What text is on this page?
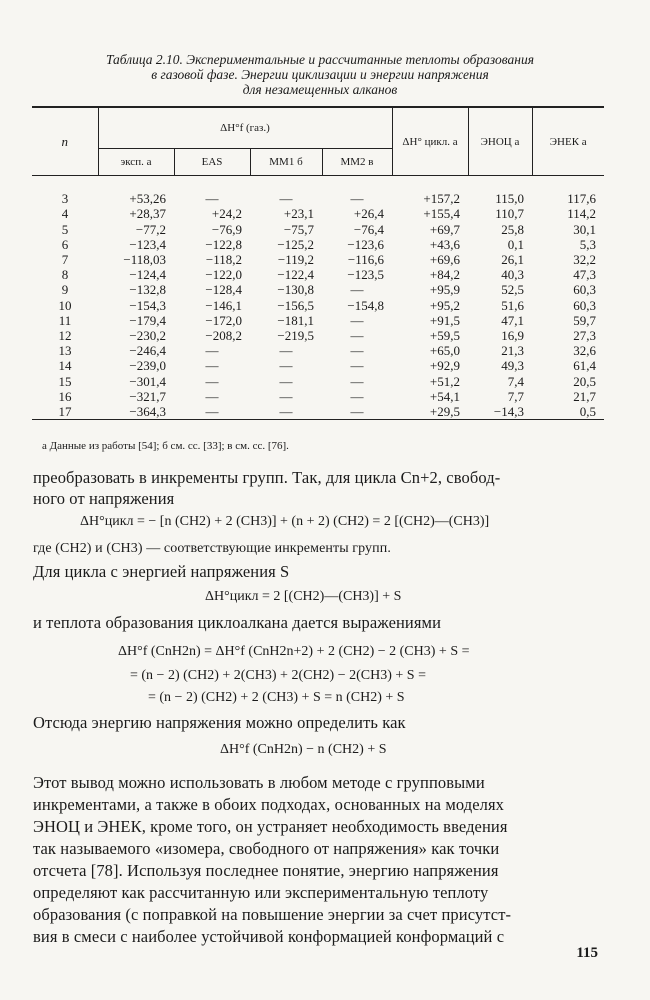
Таблица 2.10. Экспериментальные и рассчитанные теплоты образования
в газовой фазе. Энергии циклизации и энергии напряжения
для незамещенных алканов
n	ΔH°f (газ.)				ΔH° цикл. a	ЭНОЦ a	ЭНЕК a
	эксп. a	EAS	MM1 б	MM2 в			

3	+53,26	—	—	—	+157,2	115,0	117,6
4	+28,37	+24,2	+23,1	+26,4	+155,4	110,7	114,2
5	−77,2	−76,9	−75,7	−76,4	+69,7	25,8	30,1
6	−123,4	−122,8	−125,2	−123,6	+43,6	0,1	5,3
7	−118,03	−118,2	−119,2	−116,6	+69,6	26,1	32,2
8	−124,4	−122,0	−122,4	−123,5	+84,2	40,3	47,3
9	−132,8	−128,4	−130,8	—	+95,9	52,5	60,3
10	−154,3	−146,1	−156,5	−154,8	+95,2	51,6	60,3
11	−179,4	−172,0	−181,1	—	+91,5	47,1	59,7
12	−230,2	−208,2	−219,5	—	+59,5	16,9	27,3
13	−246,4	—	—	—	+65,0	21,3	32,6
14	−239,0	—	—	—	+92,9	49,3	61,4
15	−301,4	—	—	—	+51,2	7,4	20,5
16	−321,7	—	—	—	+54,1	7,7	21,7
17	−364,3	—	—	—	+29,5	−14,3	0,5
a Данные из работы [54]; б см. сс. [33]; в см. сс. [76].
преобразовать в инкременты групп. Так, для цикла Cn+2, свобод-
ного от напряжения
ΔH°цикл = − [n (CH2) + 2 (CH3)] + (n + 2) (CH2) = 2 [(CH2)—(CH3)]
где (CH2) и (CH3) — соответствующие инкременты групп.
Для цикла с энергией напряжения S
ΔH°цикл = 2 [(CH2)—(CH3)] + S
и теплота образования циклоалкана дается выражениями
ΔH°f (CnH2n) = ΔH°f (CnH2n+2) + 2 (CH2) − 2 (CH3) + S =
= (n − 2) (CH2) + 2(CH3) + 2(CH2) − 2(CH3) + S =
= (n − 2) (CH2) + 2 (CH3) + S = n (CH2) + S
Отсюда энергию напряжения можно определить как
ΔH°f (CnH2n) − n (CH2) + S
Этот вывод можно использовать в любом методе с групповыми
инкрементами, а также в обоих подходах, основанных на моделях
ЭНОЦ и ЭНЕК, кроме того, он устраняет необходимость введения
так называемого «изомера, свободного от напряжения» как точки
отсчета [78]. Используя последнее понятие, энергию напряжения
определяют как рассчитанную или экспериментальную теплоту
образования (с поправкой на повышение энергии за счет присутст-
вия в смеси с наиболее устойчивой конформацией конформаций с
115
